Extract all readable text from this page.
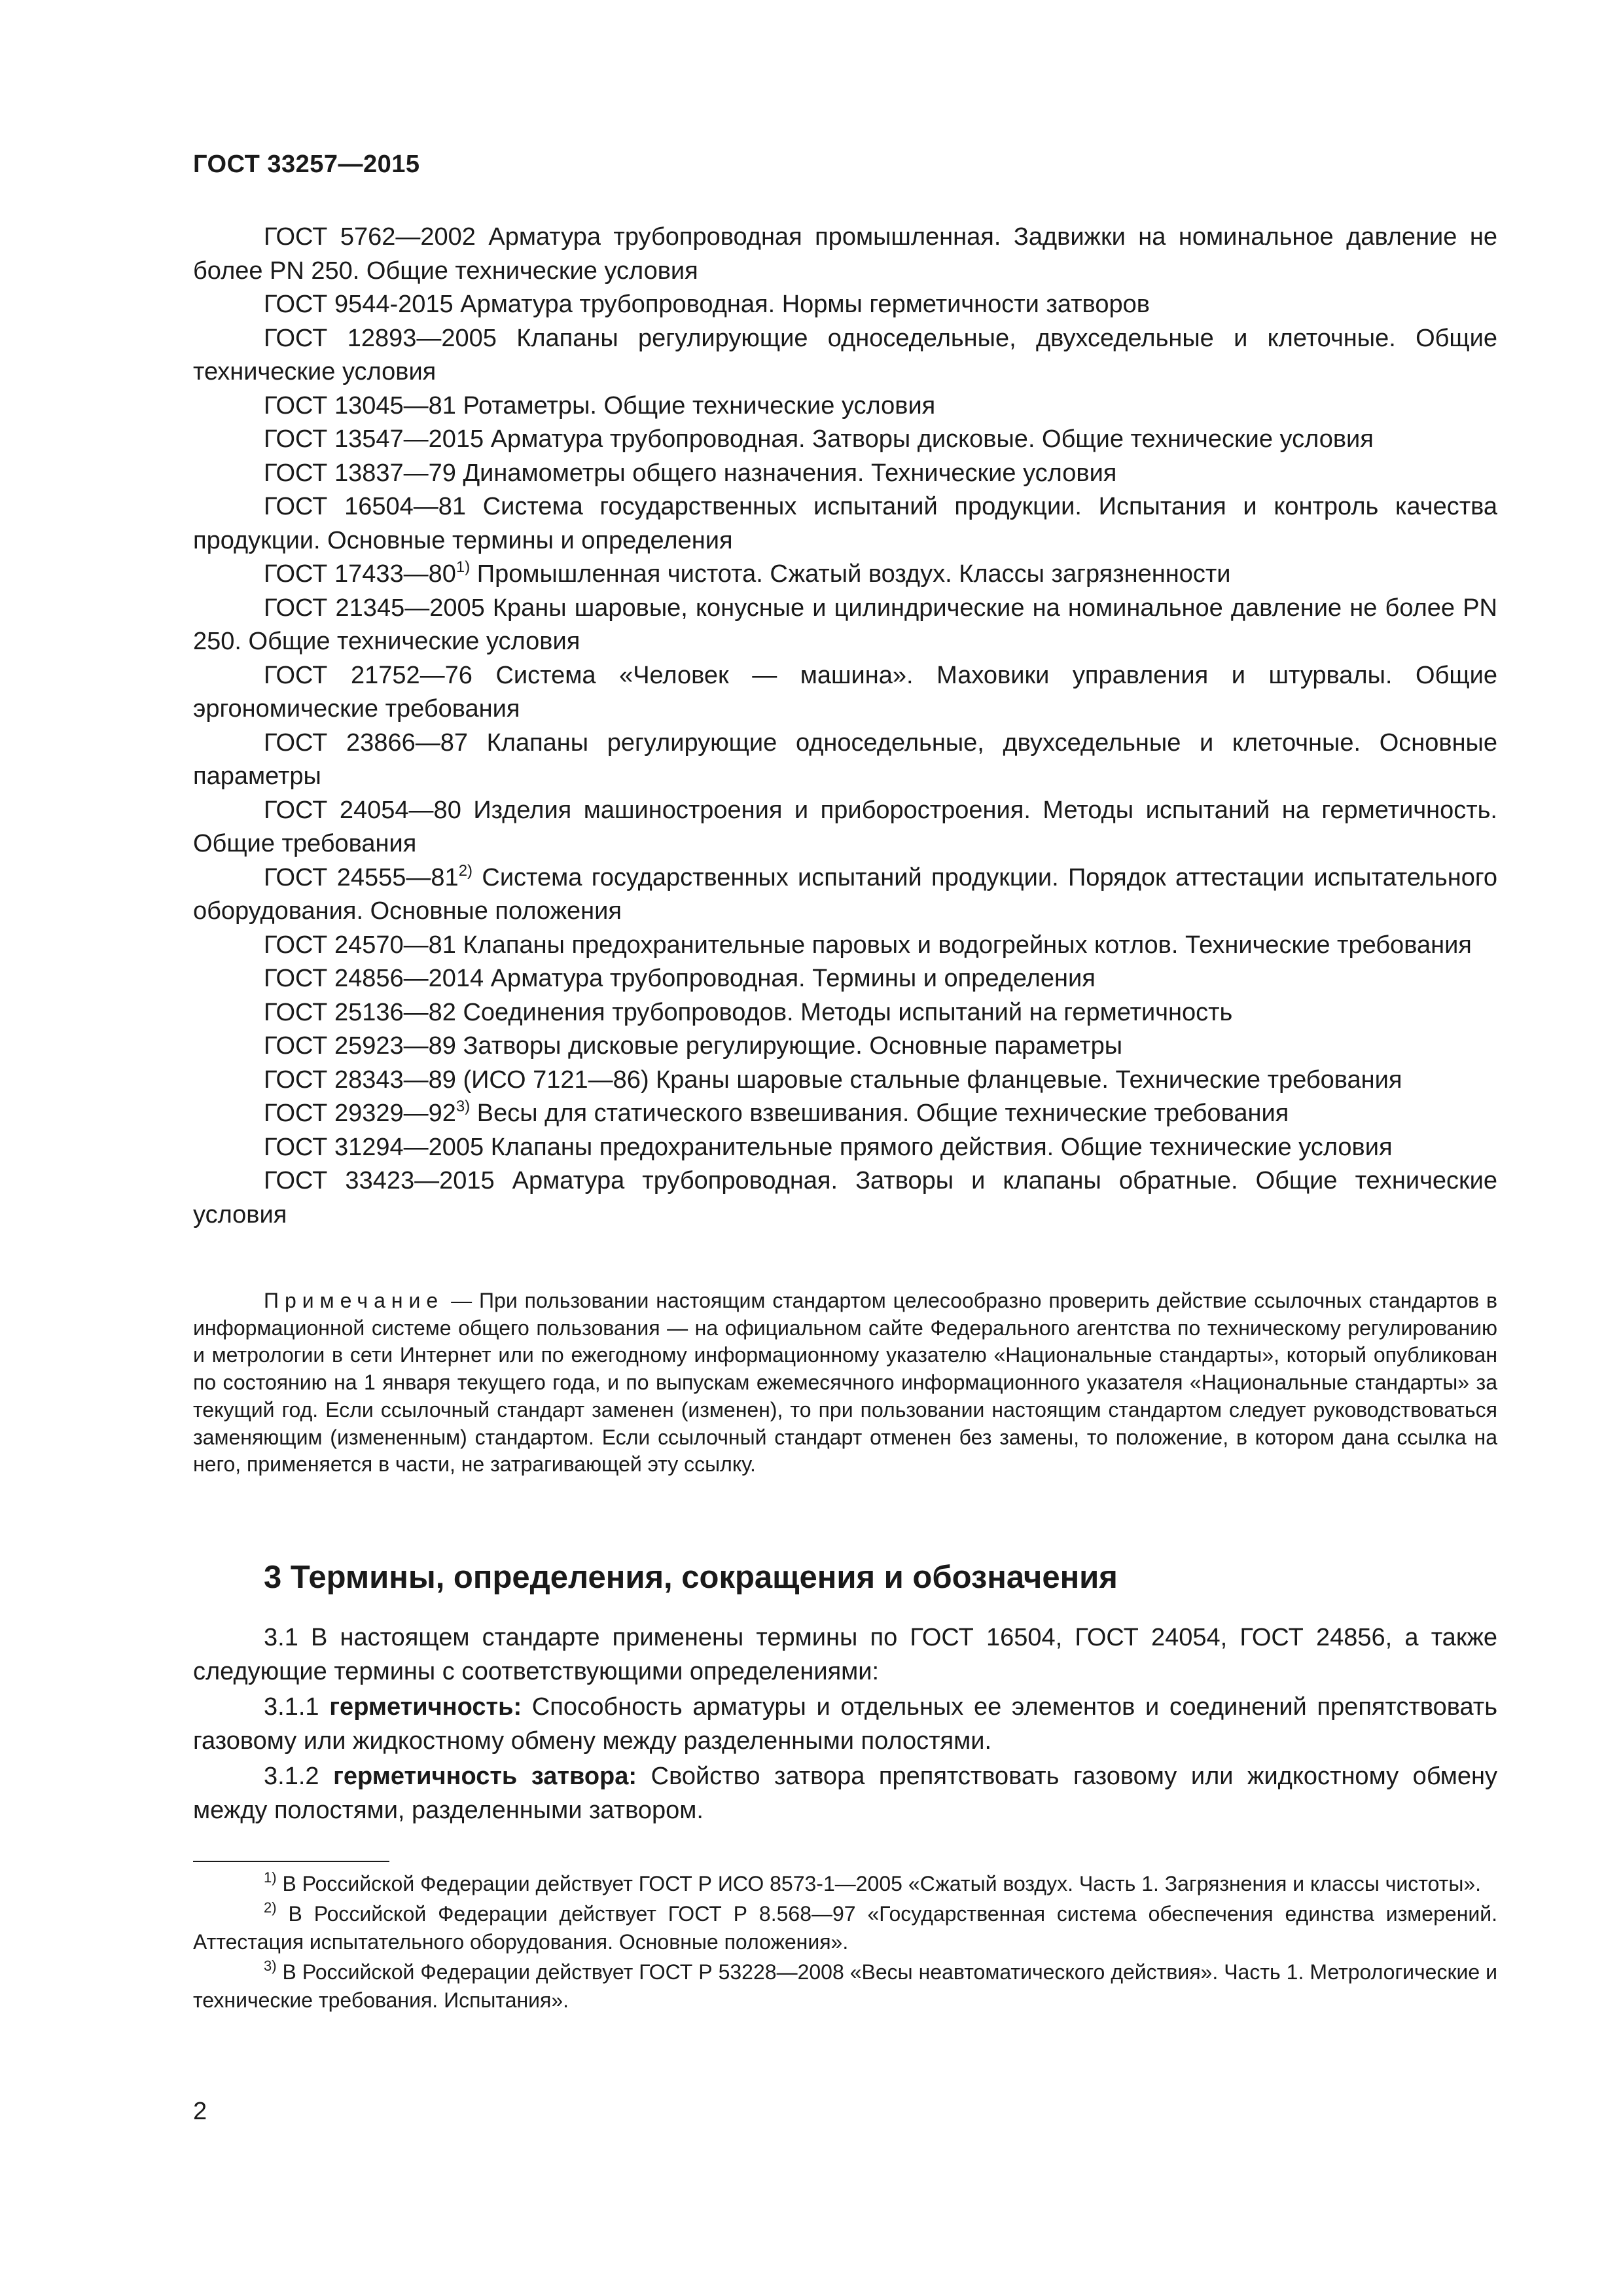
ГОСТ 33257—2015
ГОСТ 5762—2002 Арматура трубопроводная промышленная. Задвижки на номинальное давление не более PN 250. Общие технические условия
ГОСТ 9544-2015 Арматура трубопроводная. Нормы герметичности затворов
ГОСТ 12893—2005 Клапаны регулирующие односедельные, двухседельные и клеточные. Общие технические условия
ГОСТ 13045—81 Ротаметры. Общие технические условия
ГОСТ 13547—2015 Арматура трубопроводная. Затворы дисковые. Общие технические условия
ГОСТ 13837—79 Динамометры общего назначения. Технические условия
ГОСТ 16504—81 Система государственных испытаний продукции. Испытания и контроль качества продукции. Основные термины и определения
ГОСТ 17433—80$^{1)}$ Промышленная чистота. Сжатый воздух. Классы загрязненности
ГОСТ 21345—2005 Краны шаровые, конусные и цилиндрические на номинальное давление не более PN 250. Общие технические условия
ГОСТ 21752—76 Система «Человек — машина». Маховики управления и штурвалы. Общие эргономические требования
ГОСТ 23866—87 Клапаны регулирующие односедельные, двухседельные и клеточные. Основные параметры
ГОСТ 24054—80 Изделия машиностроения и приборостроения. Методы испытаний на герметичность. Общие требования
ГОСТ 24555—81$^{2)}$ Система государственных испытаний продукции. Порядок аттестации испытательного оборудования. Основные положения
ГОСТ 24570—81 Клапаны предохранительные паровых и водогрейных котлов. Технические требования
ГОСТ 24856—2014 Арматура трубопроводная. Термины и определения
ГОСТ 25136—82 Соединения трубопроводов. Методы испытаний на герметичность
ГОСТ 25923—89 Затворы дисковые регулирующие. Основные параметры
ГОСТ 28343—89 (ИСО 7121—86) Краны шаровые стальные фланцевые. Технические требования
ГОСТ 29329—92$^{3)}$ Весы для статического взвешивания. Общие технические требования
ГОСТ 31294—2005 Клапаны предохранительные прямого действия. Общие технические условия
ГОСТ 33423—2015 Арматура трубопроводная. Затворы и клапаны обратные. Общие технические условия
Примечание — При пользовании настоящим стандартом целесообразно проверить действие ссылочных стандартов в информационной системе общего пользования — на официальном сайте Федерального агентства по техническому регулированию и метрологии в сети Интернет или по ежегодному информационному указателю «Национальные стандарты», который опубликован по состоянию на 1 января текущего года, и по выпускам ежемесячного информационного указателя «Национальные стандарты» за текущий год. Если ссылочный стандарт заменен (изменен), то при пользовании настоящим стандартом следует руководствоваться заменяющим (измененным) стандартом. Если ссылочный стандарт отменен без замены, то положение, в котором дана ссылка на него, применяется в части, не затрагивающей эту ссылку.
3 Термины, определения, сокращения и обозначения
3.1 В настоящем стандарте применены термины по ГОСТ 16504, ГОСТ 24054, ГОСТ 24856, а также следующие термины с соответствующими определениями:
3.1.1 герметичность: Способность арматуры и отдельных ее элементов и соединений препятствовать газовому или жидкостному обмену между разделенными полостями.
3.1.2 герметичность затвора: Свойство затвора препятствовать газовому или жидкостному обмену между полостями, разделенными затвором.
$^{1)}$ В Российской Федерации действует ГОСТ Р ИСО 8573-1—2005 «Сжатый воздух. Часть 1. Загрязнения и классы чистоты».
$^{2)}$ В Российской Федерации действует ГОСТ Р 8.568—97 «Государственная система обеспечения единства измерений. Аттестация испытательного оборудования. Основные положения».
$^{3)}$ В Российской Федерации действует ГОСТ Р 53228—2008 «Весы неавтоматического действия». Часть 1. Метрологические и технические требования. Испытания».
2
